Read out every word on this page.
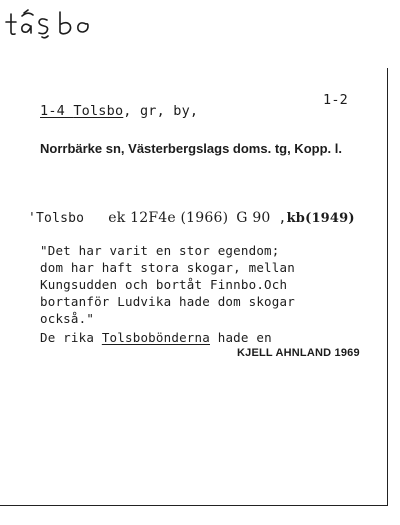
1-2
1-4 Tolsbo, gr, by,
Norrbärke sn, Västerbergslags doms. tg, Kopp. l.
'Tolsbo ek 12F4e (1966) G 90 ,kb(1949)
"Det har varit en stor egendom;
dom har haft stora skogar, mellan
Kungsudden och bortåt Finnbo.Och
bortanför Ludvika hade dom skogar
också."
De rika Tolsbobönderna hade en
KJELL AHNLAND 1969
